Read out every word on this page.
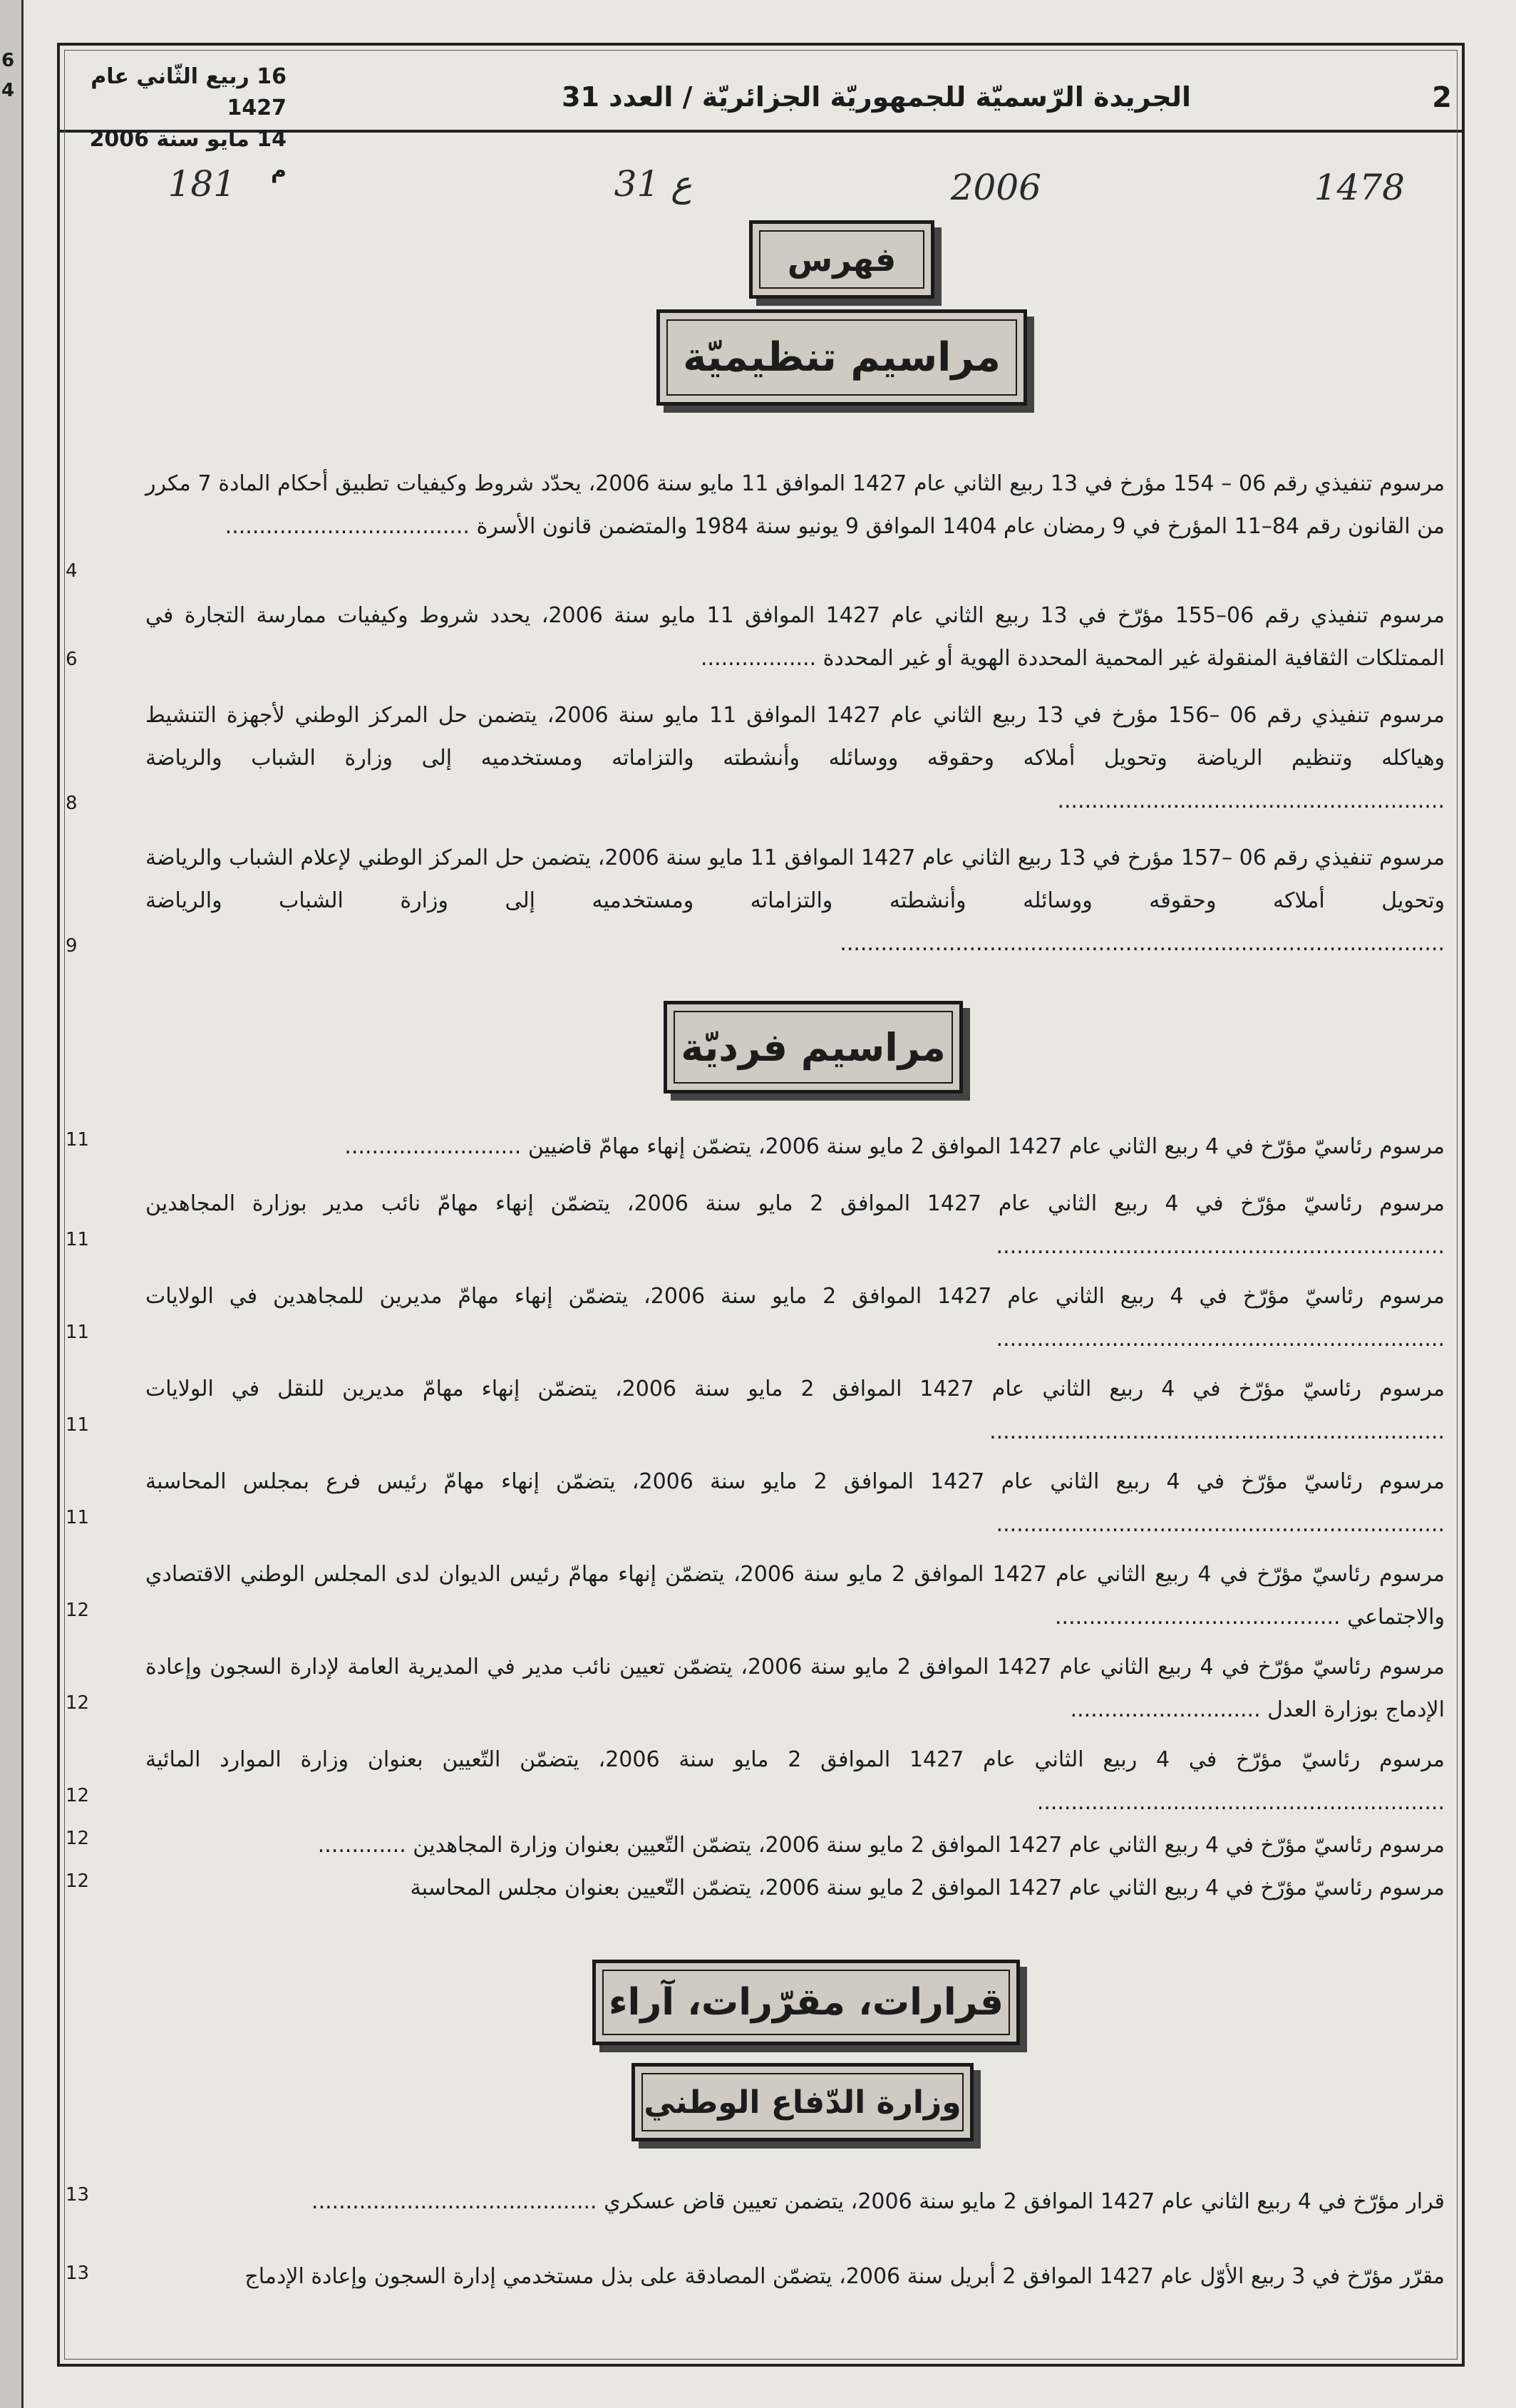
6
4	2
الجريدة الرّسميّة للجمهوريّة الجزائريّة / العدد 31
16 ربيع الثّاني عام 1427
14 مايو سنة 2006 م	1478
2006
ع 31
181
فهرس
مراسيم تنظيميّة
مرسوم تنفيذي رقم 06 – 154 مؤرخ في 13 ربيع الثاني عام 1427 الموافق 11 مايو سنة 2006، يحدّد شروط وكيفيات تطبيق أحكام المادة 7 مكرر من القانون رقم 84–11 المؤرخ في 9 رمضان عام 1404 الموافق 9 يونيو سنة 1984 والمتضمن قانون الأسرة ....................................
4
مرسوم تنفيذي رقم 06–155 مؤرّخ في 13 ربيع الثاني عام 1427 الموافق 11 مايو سنة 2006، يحدد شروط وكيفيات ممارسة التجارة في الممتلكات الثقافية المنقولة غير المحمية المحددة الهوية أو غير المحددة .................
6
مرسوم تنفيذي رقم 06 –156 مؤرخ في 13 ربيع الثاني عام 1427 الموافق 11 مايو سنة 2006، يتضمن حل المركز الوطني لأجهزة التنشيط وهياكله وتنظيم الرياضة وتحويل أملاكه وحقوقه ووسائله وأنشطته والتزاماته ومستخدميه إلى وزارة الشباب والرياضة .........................................................
8
مرسوم تنفيذي رقم 06 –157 مؤرخ في 13 ربيع الثاني عام 1427 الموافق 11 مايو سنة 2006، يتضمن حل المركز الوطني لإعلام الشباب والرياضة وتحويل أملاكه وحقوقه ووسائله وأنشطته والتزاماته ومستخدميه إلى وزارة الشباب والرياضة .........................................................................................
9
مراسيم فرديّة
مرسوم رئاسيّ مؤرّخ في 4 ربيع الثاني عام 1427 الموافق 2 مايو سنة 2006، يتضمّن إنهاء مهامّ قاضيين ..........................
11
مرسوم رئاسيّ مؤرّخ في 4 ربيع الثاني عام 1427 الموافق 2 مايو سنة 2006، يتضمّن إنهاء مهامّ نائب مدير بوزارة المجاهدين ..................................................................
11
مرسوم رئاسيّ مؤرّخ في 4 ربيع الثاني عام 1427 الموافق 2 مايو سنة 2006، يتضمّن إنهاء مهامّ مديرين للمجاهدين في الولايات ..................................................................
11
مرسوم رئاسيّ مؤرّخ في 4 ربيع الثاني عام 1427 الموافق 2 مايو سنة 2006، يتضمّن إنهاء مهامّ مديرين للنقل في الولايات ...................................................................
11
مرسوم رئاسيّ مؤرّخ في 4 ربيع الثاني عام 1427 الموافق 2 مايو سنة 2006، يتضمّن إنهاء مهامّ رئيس فرع بمجلس المحاسبة ..................................................................
11
مرسوم رئاسيّ مؤرّخ في 4 ربيع الثاني عام 1427 الموافق 2 مايو سنة 2006، يتضمّن إنهاء مهامّ رئيس الديوان لدى المجلس الوطني الاقتصادي والاجتماعي ..........................................
12
مرسوم رئاسيّ مؤرّخ في 4 ربيع الثاني عام 1427 الموافق 2 مايو سنة 2006، يتضمّن تعيين نائب مدير في المديرية العامة لإدارة السجون وإعادة الإدماج بوزارة العدل ............................
12
مرسوم رئاسيّ مؤرّخ في 4 ربيع الثاني عام 1427 الموافق 2 مايو سنة 2006، يتضمّن التّعيين بعنوان وزارة الموارد المائية ............................................................
12
مرسوم رئاسيّ مؤرّخ في 4 ربيع الثاني عام 1427 الموافق 2 مايو سنة 2006، يتضمّن التّعيين بعنوان وزارة المجاهدين .............
12
مرسوم رئاسيّ مؤرّخ في 4 ربيع الثاني عام 1427 الموافق 2 مايو سنة 2006، يتضمّن التّعيين بعنوان مجلس المحاسبة
12
قرارات، مقرّرات، آراء
وزارة الدّفاع الوطني
قرار مؤرّخ في 4 ربيع الثاني عام 1427 الموافق 2 مايو سنة 2006، يتضمن تعيين قاض عسكري ..........................................
13
مقرّر مؤرّخ في 3 ربيع الأوّل عام 1427 الموافق 2 أبريل سنة 2006، يتضمّن المصادقة على بذل مستخدمي إدارة السجون وإعادة الإدماج
13
